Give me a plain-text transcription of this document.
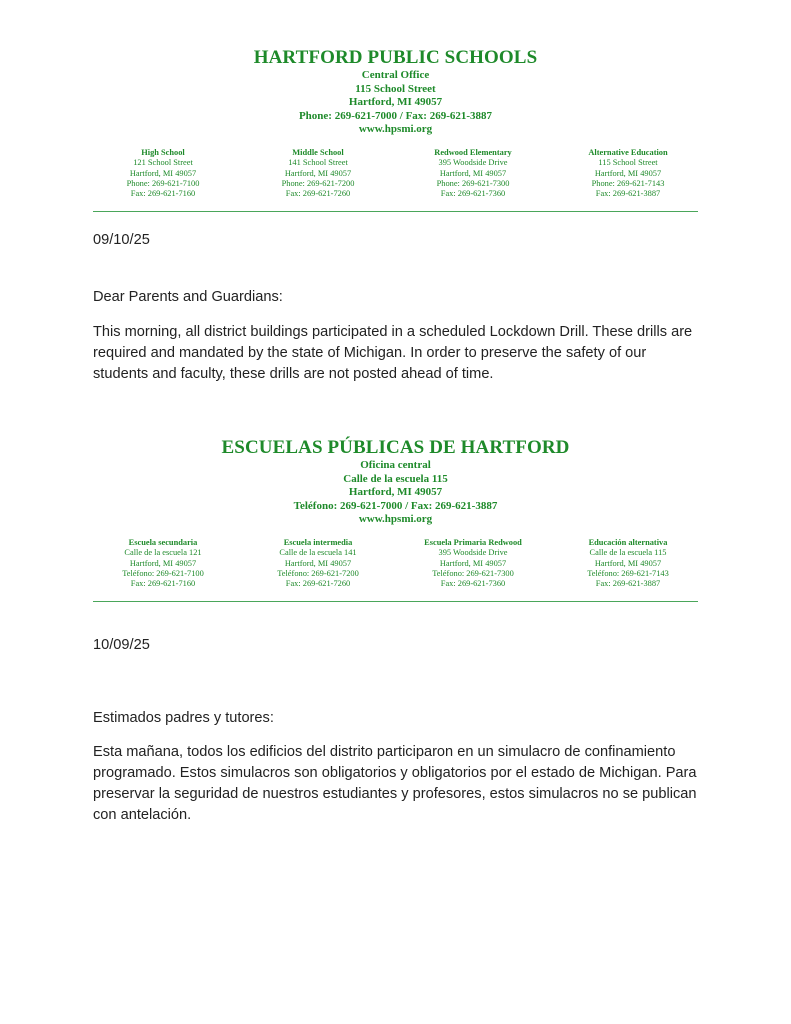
HARTFORD PUBLIC SCHOOLS
Central Office
115 School Street
Hartford, MI 49057
Phone: 269-621-7000 / Fax: 269-621-3887
www.hpsmi.org
High School
121 School Street
Hartford, MI 49057
Phone: 269-621-7100
Fax: 269-621-7160
Middle School
141 School Street
Hartford, MI 49057
Phone: 269-621-7200
Fax: 269-621-7260
Redwood Elementary
395 Woodside Drive
Hartford, MI 49057
Phone: 269-621-7300
Fax: 269-621-7360
Alternative Education
115 School Street
Hartford, MI 49057
Phone: 269-621-7143
Fax: 269-621-3887
09/10/25
Dear Parents and Guardians:
This morning, all district buildings participated in a scheduled Lockdown Drill. These drills are required and mandated by the state of Michigan. In order to preserve the safety of our students and faculty, these drills are not posted ahead of time.
ESCUELAS PÚBLICAS DE HARTFORD
Oficina central
Calle de la escuela 115
Hartford, MI 49057
Teléfono: 269-621-7000 / Fax: 269-621-3887
www.hpsmi.org
Escuela secundaria
Calle de la escuela 121
Hartford, MI 49057
Teléfono: 269-621-7100
Fax: 269-621-7160
Escuela intermedia
Calle de la escuela 141
Hartford, MI 49057
Teléfono: 269-621-7200
Fax: 269-621-7260
Escuela Primaria Redwood
395 Woodside Drive
Hartford, MI 49057
Teléfono: 269-621-7300
Fax: 269-621-7360
Educación alternativa
Calle de la escuela 115
Hartford, MI 49057
Teléfono: 269-621-7143
Fax: 269-621-3887
10/09/25
Estimados padres y tutores:
Esta mañana, todos los edificios del distrito participaron en un simulacro de confinamiento programado. Estos simulacros son obligatorios y obligatorios por el estado de Michigan. Para preservar la seguridad de nuestros estudiantes y profesores, estos simulacros no se publican con antelación.
